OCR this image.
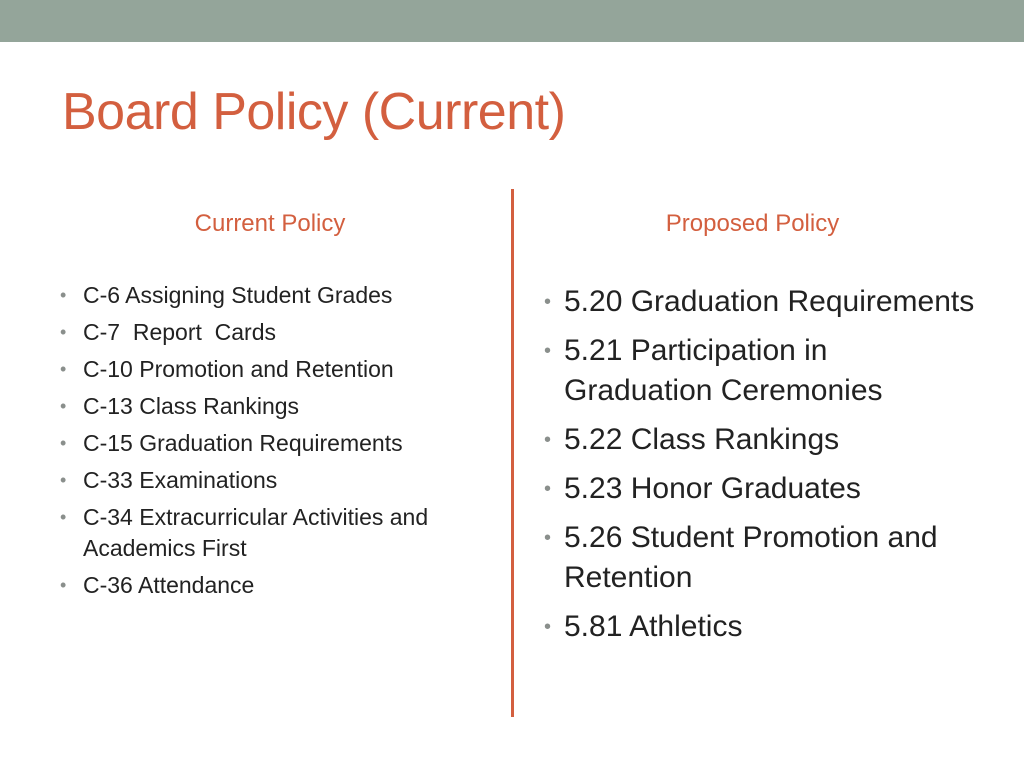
Board Policy (Current)
Current Policy	Proposed Policy
• C-6 Assigning Student Grades
• C-7  Report  Cards
• C-10 Promotion and Retention
• C-13 Class Rankings
• C-15 Graduation Requirements
• C-33 Examinations
• C-34 Extracurricular Activities and Academics First
• C-36 Attendance
• 5.20 Graduation Requirements
• 5.21 Participation in Graduation Ceremonies
• 5.22 Class Rankings
• 5.23 Honor Graduates
• 5.26 Student Promotion and Retention
• 5.81 Athletics
